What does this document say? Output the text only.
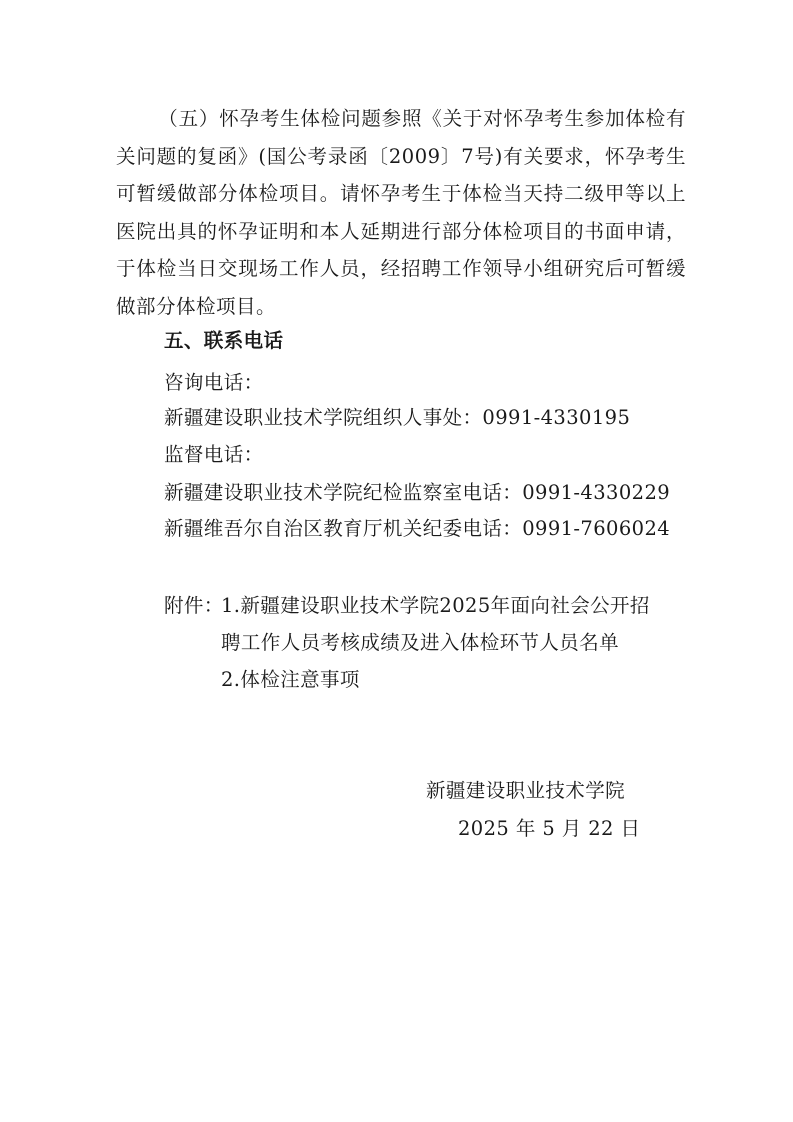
（五）怀孕考生体检问题参照《关于对怀孕考生参加体检有关问题的复函》(国公考录函〔2009〕7号)有关要求，怀孕考生可暂缓做部分体检项目。请怀孕考生于体检当天持二级甲等以上医院出具的怀孕证明和本人延期进行部分体检项目的书面申请，于体检当日交现场工作人员，经招聘工作领导小组研究后可暂缓做部分体检项目。
五、联系电话
咨询电话：
新疆建设职业技术学院组织人事处：0991-4330195
监督电话：
新疆建设职业技术学院纪检监察室电话：0991-4330229
新疆维吾尔自治区教育厅机关纪委电话：0991-7606024
附件：
1.新疆建设职业技术学院2025年面向社会公开招
聘工作人员考核成绩及进入体检环节人员名单
2.体检注意事项
新疆建设职业技术学院
2025 年 5 月 22 日
